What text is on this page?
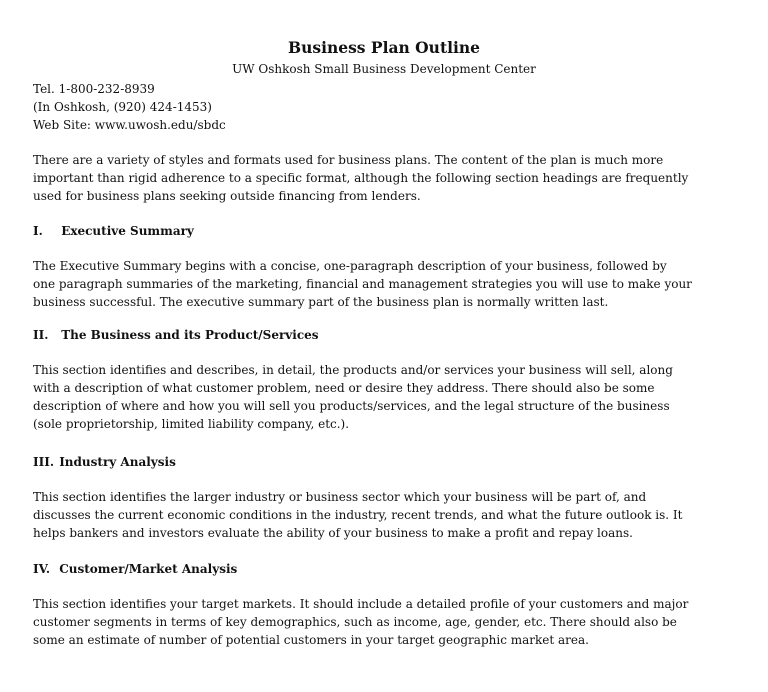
Business Plan Outline
UW Oshkosh Small Business Development Center
Tel. 1-800-232-8939
(In Oshkosh, (920) 424-1453)
Web Site: www.uwosh.edu/sbdc
There are a variety of styles and formats used for business plans. The content of the plan is much more
important than rigid adherence to a specific format, although the following section headings are frequently
used for business plans seeking outside financing from lenders.
I. Executive Summary
The Executive Summary begins with a concise, one-paragraph description of your business, followed by
one paragraph summaries of the marketing, financial and management strategies you will use to make your
business successful. The executive summary part of the business plan is normally written last.
II. The Business and its Product/Services
This section identifies and describes, in detail, the products and/or services your business will sell, along
with a description of what customer problem, need or desire they address. There should also be some
description of where and how you will sell you products/services, and the legal structure of the business
(sole proprietorship, limited liability company, etc.).
III. Industry Analysis
This section identifies the larger industry or business sector which your business will be part of, and
discusses the current economic conditions in the industry, recent trends, and what the future outlook is. It
helps bankers and investors evaluate the ability of your business to make a profit and repay loans.
IV. Customer/Market Analysis
This section identifies your target markets. It should include a detailed profile of your customers and major
customer segments in terms of key demographics, such as income, age, gender, etc. There should also be
some an estimate of number of potential customers in your target geographic market area.
